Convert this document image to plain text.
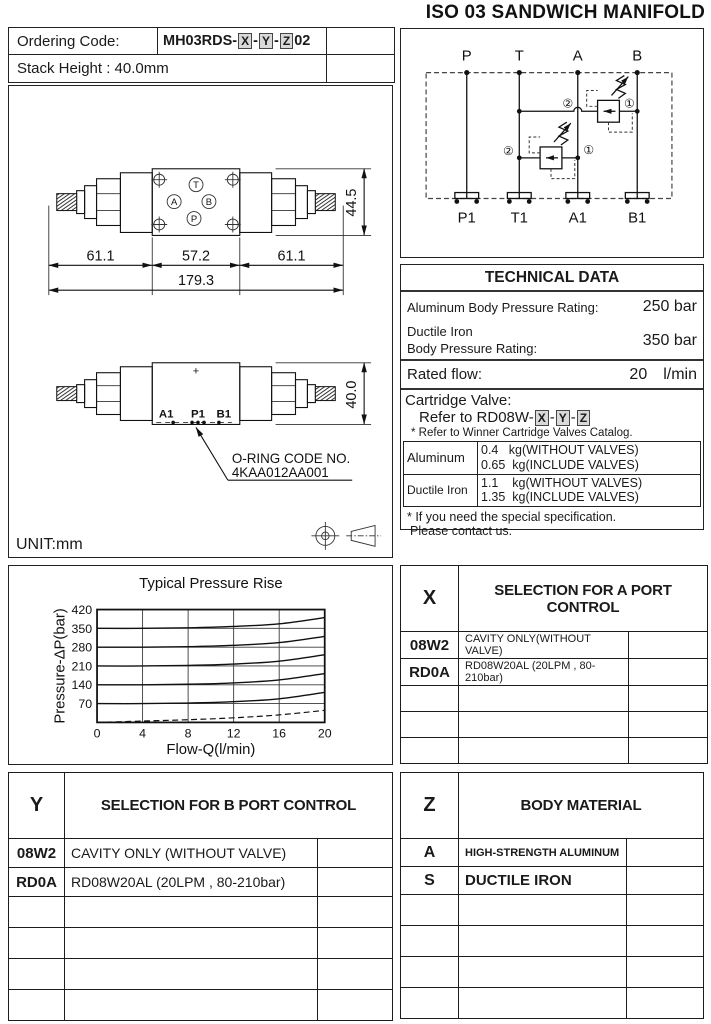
ISO 03 SANDWICH MANIFOLD
Ordering Code:	MH03RDS- X - Y - Z 02
Stack Height : 40.0mm
T
A	B
P
61.1	57.2	61.1
179.3
44.5
+
A1 P1 B1
O-RING CODE NO.
4KAA012AA001
40.0
UNIT:mm
P	T	A	B
②	①
②	①
P1 T1	A1	B1
TECHNICAL DATA
Aluminum Body Pressure Rating:	250 bar
Ductile Iron
Body Pressure Rating:	350 bar
Rated flow:	20 l/min
Cartridge Valve:
Refer to RD08W- X - Y - Z
* Refer to Winner Cartridge Valves Catalog.
Aluminum	0.4   kg(WITHOUT VALVES)
0.65  kg(INCLUDE VALVES)

Ductile Iron	1.1    kg(WITHOUT VALVES)
1.35  kg(INCLUDE VALVES)
* If you need the special specification.
Please contact us.
Typical Pressure Rise
Pressure-ΔP(bar)
Flow-Q(l/min)
0	4	8	12	16	20
70
140
210
280
350
420
X	SELECTION FOR A PORT CONTROL	
08W2	CAVITY ONLY(WITHOUT VALVE)	
RD0A	RD08W20AL (20LPM , 80-210bar)	

Y	SELECTION FOR B PORT CONTROL	
08W2	CAVITY ONLY (WITHOUT VALVE)	
RD0A	RD08W20AL (20LPM , 80-210bar)	

Z	BODY MATERIAL	
A	HIGH-STRENGTH ALUMINUM	
S	DUCTILE IRON	
